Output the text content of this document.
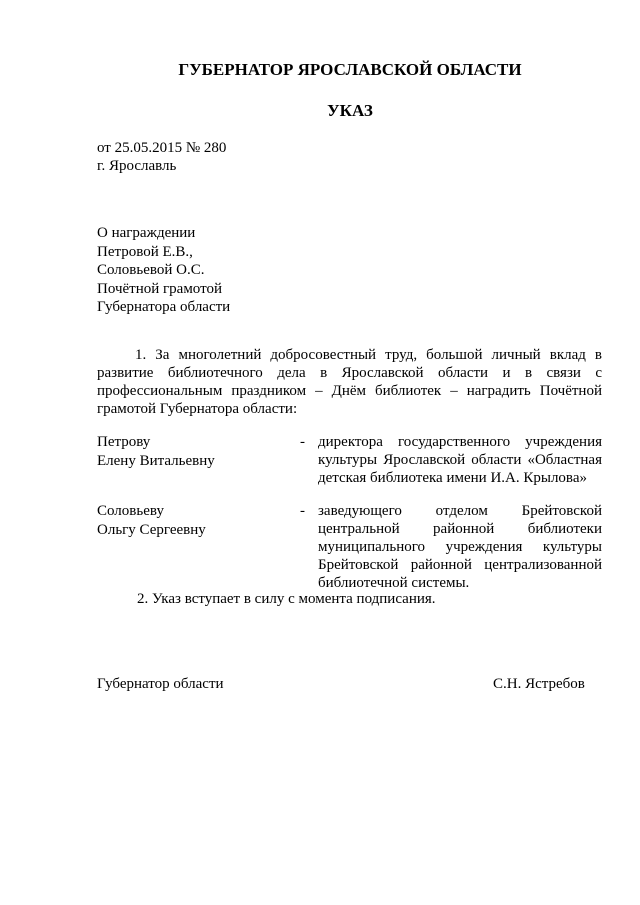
ГУБЕРНАТОР ЯРОСЛАВСКОЙ ОБЛАСТИ
УКАЗ
от 25.05.2015 № 280
г. Ярославль
О награждении
Петровой Е.В.,
Соловьевой О.С.
Почётной грамотой
Губернатора области
1. За многолетний добросовестный труд, большой личный вклад в
развитие библиотечного дела в Ярославской области и в связи с
профессиональным праздником – Днём библиотек – наградить Почётной
грамотой Губернатора области:
Петрову
Елену Витальевну
- директора государственного учреждения
культуры Ярославской области «Областная
детская библиотека имени И.А. Крылова»
Соловьеву
Ольгу Сергеевну
- заведующего отделом Брейтовской
центральной районной библиотеки
муниципального учреждения культуры
Брейтовской районной централизованной
библиотечной системы.
2. Указ вступает в силу с момента подписания.
Губернатор области	С.Н. Ястребов
